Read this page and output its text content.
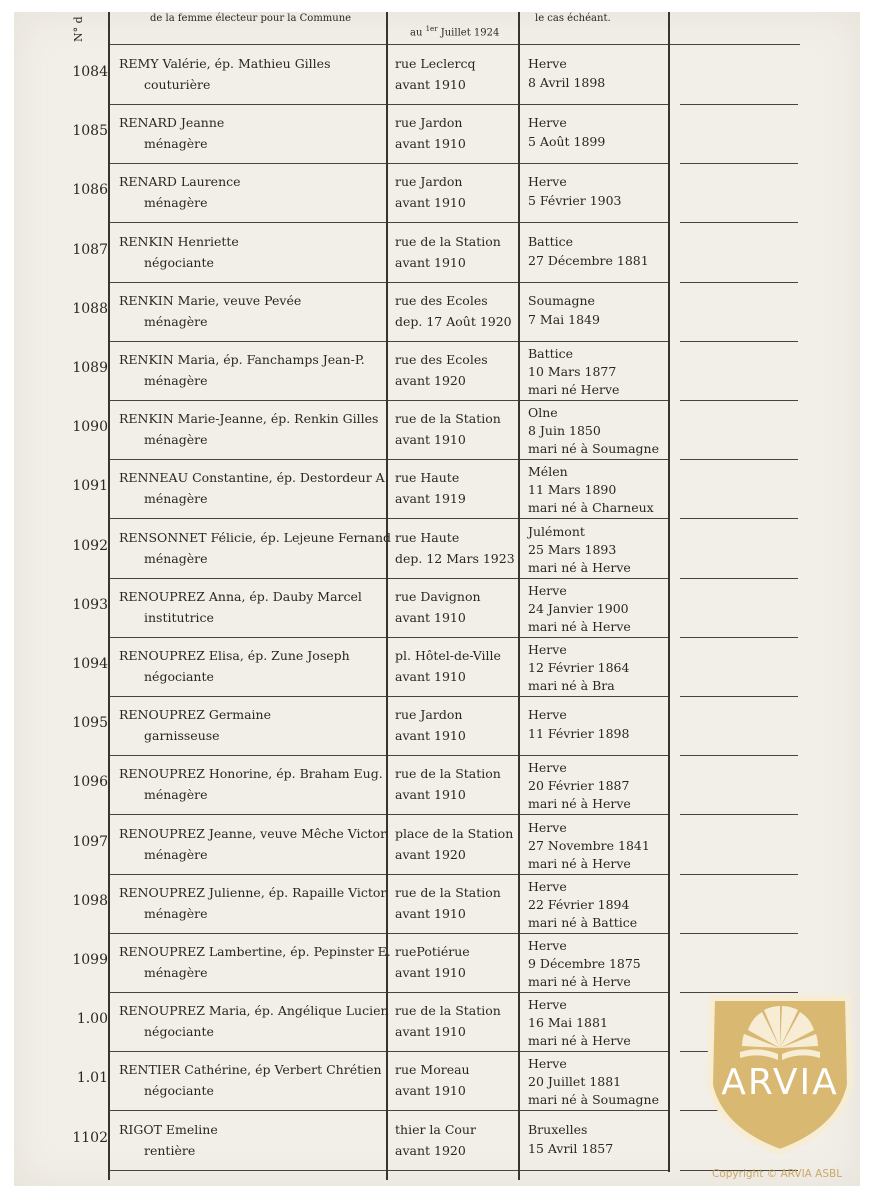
N° d	de la femme électeur pour la Commune
au $^{1er}$ Juillet 1924
le cas échéant.
1084
REMY Valérie, ép. Mathieu Gilles
couturière
rue Leclercq
avant 1910
Herve
8 Avril 1898
1085
RENARD Jeanne
ménagère
rue Jardon
avant 1910
Herve
5 Août 1899
1086
RENARD Laurence
ménagère
rue Jardon
avant 1910
Herve
5 Février 1903
1087
RENKIN Henriette
négociante
rue de la Station
avant 1910
Battice
27 Décembre 1881
1088
RENKIN Marie, veuve Pevée
ménagère
rue des Ecoles
dep. 17 Août 1920
Soumagne
7 Mai 1849
1089
RENKIN Maria, ép. Fanchamps Jean-P.
ménagère
rue des Ecoles
avant 1920
Battice
10 Mars 1877
mari né Herve
1090
RENKIN Marie-Jeanne, ép. Renkin Gilles
ménagère
rue de la Station
avant 1910
Olne
8 Juin 1850
mari né à Soumagne
1091
RENNEAU Constantine, ép. Destordeur A.
ménagère
rue Haute
avant 1919
Mélen
11 Mars 1890
mari né à Charneux
1092
RENSONNET Félicie, ép. Lejeune Fernand
ménagère
rue Haute
dep. 12 Mars 1923
Julémont
25 Mars 1893
mari né à Herve
1093
RENOUPREZ Anna, ép. Dauby Marcel
institutrice
rue Davignon
avant 1910
Herve
24 Janvier 1900
mari né à Herve
1094
RENOUPREZ Elisa, ép. Zune Joseph
négociante
pl. Hôtel-de-Ville
avant 1910
Herve
12 Février 1864
mari né à Bra
1095
RENOUPREZ Germaine
garnisseuse
rue Jardon
avant 1910
Herve
11 Février 1898
1096
RENOUPREZ Honorine, ép. Braham Eug.
ménagère
rue de la Station
avant 1910
Herve
20 Février 1887
mari né à Herve
1097
RENOUPREZ Jeanne, veuve Mêche Victor
ménagère
place de la Station
avant 1920
Herve
27 Novembre 1841
mari né à Herve
1098
RENOUPREZ Julienne, ép. Rapaille Victor
ménagère
rue de la Station
avant 1910
Herve
22 Février 1894
mari né à Battice
1099
RENOUPREZ Lambertine, ép. Pepinster E.
ménagère
ruePotiérue
avant 1910
Herve
9 Décembre 1875
mari né à Herve
1.00
RENOUPREZ Maria, ép. Angélique Lucien
négociante
rue de la Station
avant 1910
Herve
16 Mai 1881
mari né à Herve
1.01
RENTIER Cathérine, ép Verbert Chrétien
négociante
rue Moreau
avant 1910
Herve
20 Juillet 1881
mari né à Soumagne
1102
RIGOT Emeline
rentière
thier la Cour
avant 1920
Bruxelles
15 Avril 1857
ARVIA
Copyright © ARVIA ASBL
